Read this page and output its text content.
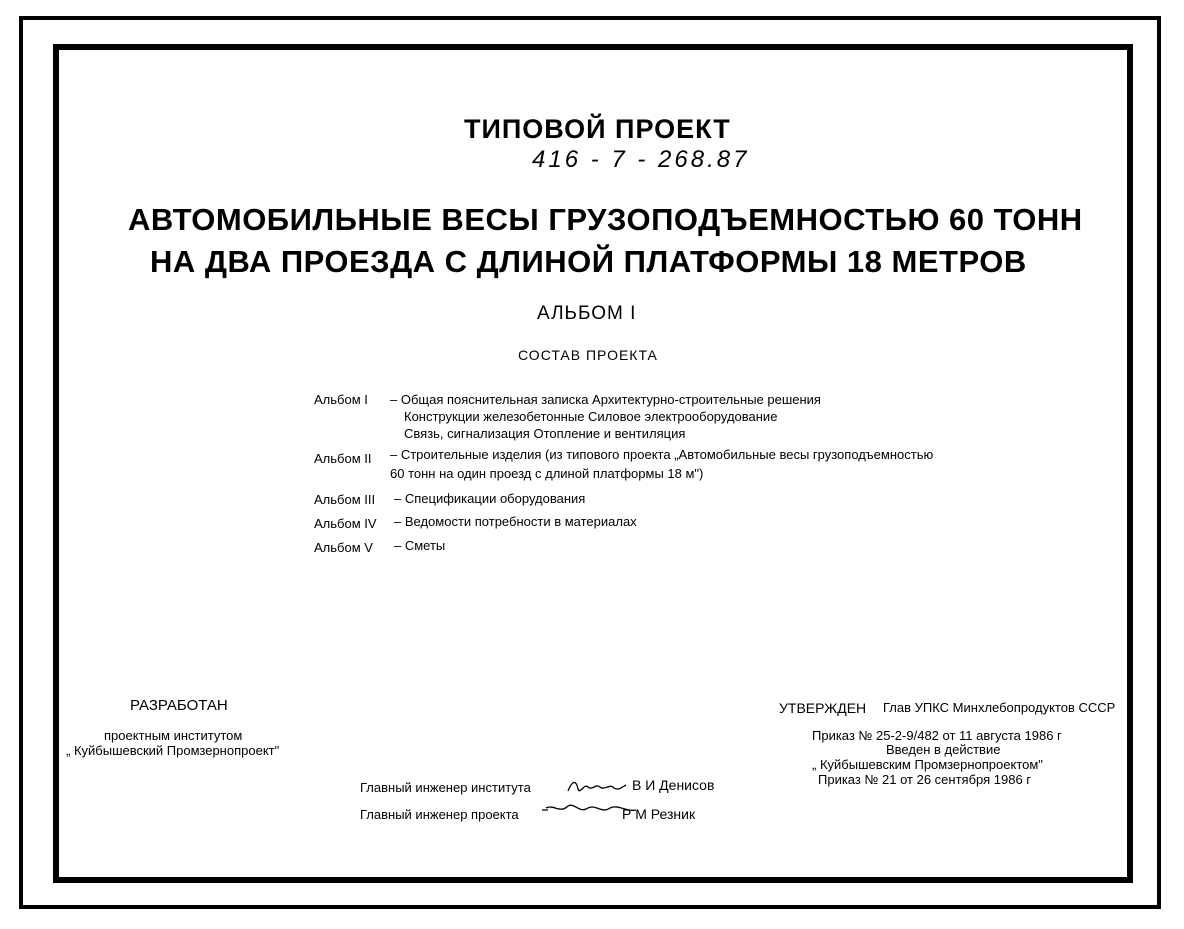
ТИПОВОЙ ПРОЕКТ
416 - 7 - 268.87
АВТОМОБИЛЬНЫЕ ВЕСЫ ГРУЗОПОДЪЕМНОСТЬЮ 60 ТОНН
НА ДВА ПРОЕЗДА С ДЛИНОЙ ПЛАТФОРМЫ 18 МЕТРОВ
АЛЬБОМ I
СОСТАВ ПРОЕКТА
Альбом I – Общая пояснительная записка Архитектурно-строительные решения
Конструкции железобетонные Силовое электрооборудование
Связь, сигнализация Отопление и вентиляция
Альбом II – Строительные изделия (из типового проекта „Автомобильные весы грузоподъемностью
60 тонн на один проезд с длиной платформы 18 м")
Альбом III – Спецификации оборудования
Альбом IV – Ведомости потребности в материалах
Альбом V – Сметы
РАЗРАБОТАН
проектным институтом
„ Куйбышевский Промзернопроект"
Главный инженер института	В И Денисов
Главный инженер проекта	Р М Резник
УТВЕРЖДЕН Глав УПКС Минхлебопродуктов СССР
Приказ № 25-2-9/482 от 11 августа 1986 г
Введен в действие
„ Куйбышевским Промзернопроектом"
Приказ № 21 от 26 сентября 1986 г
